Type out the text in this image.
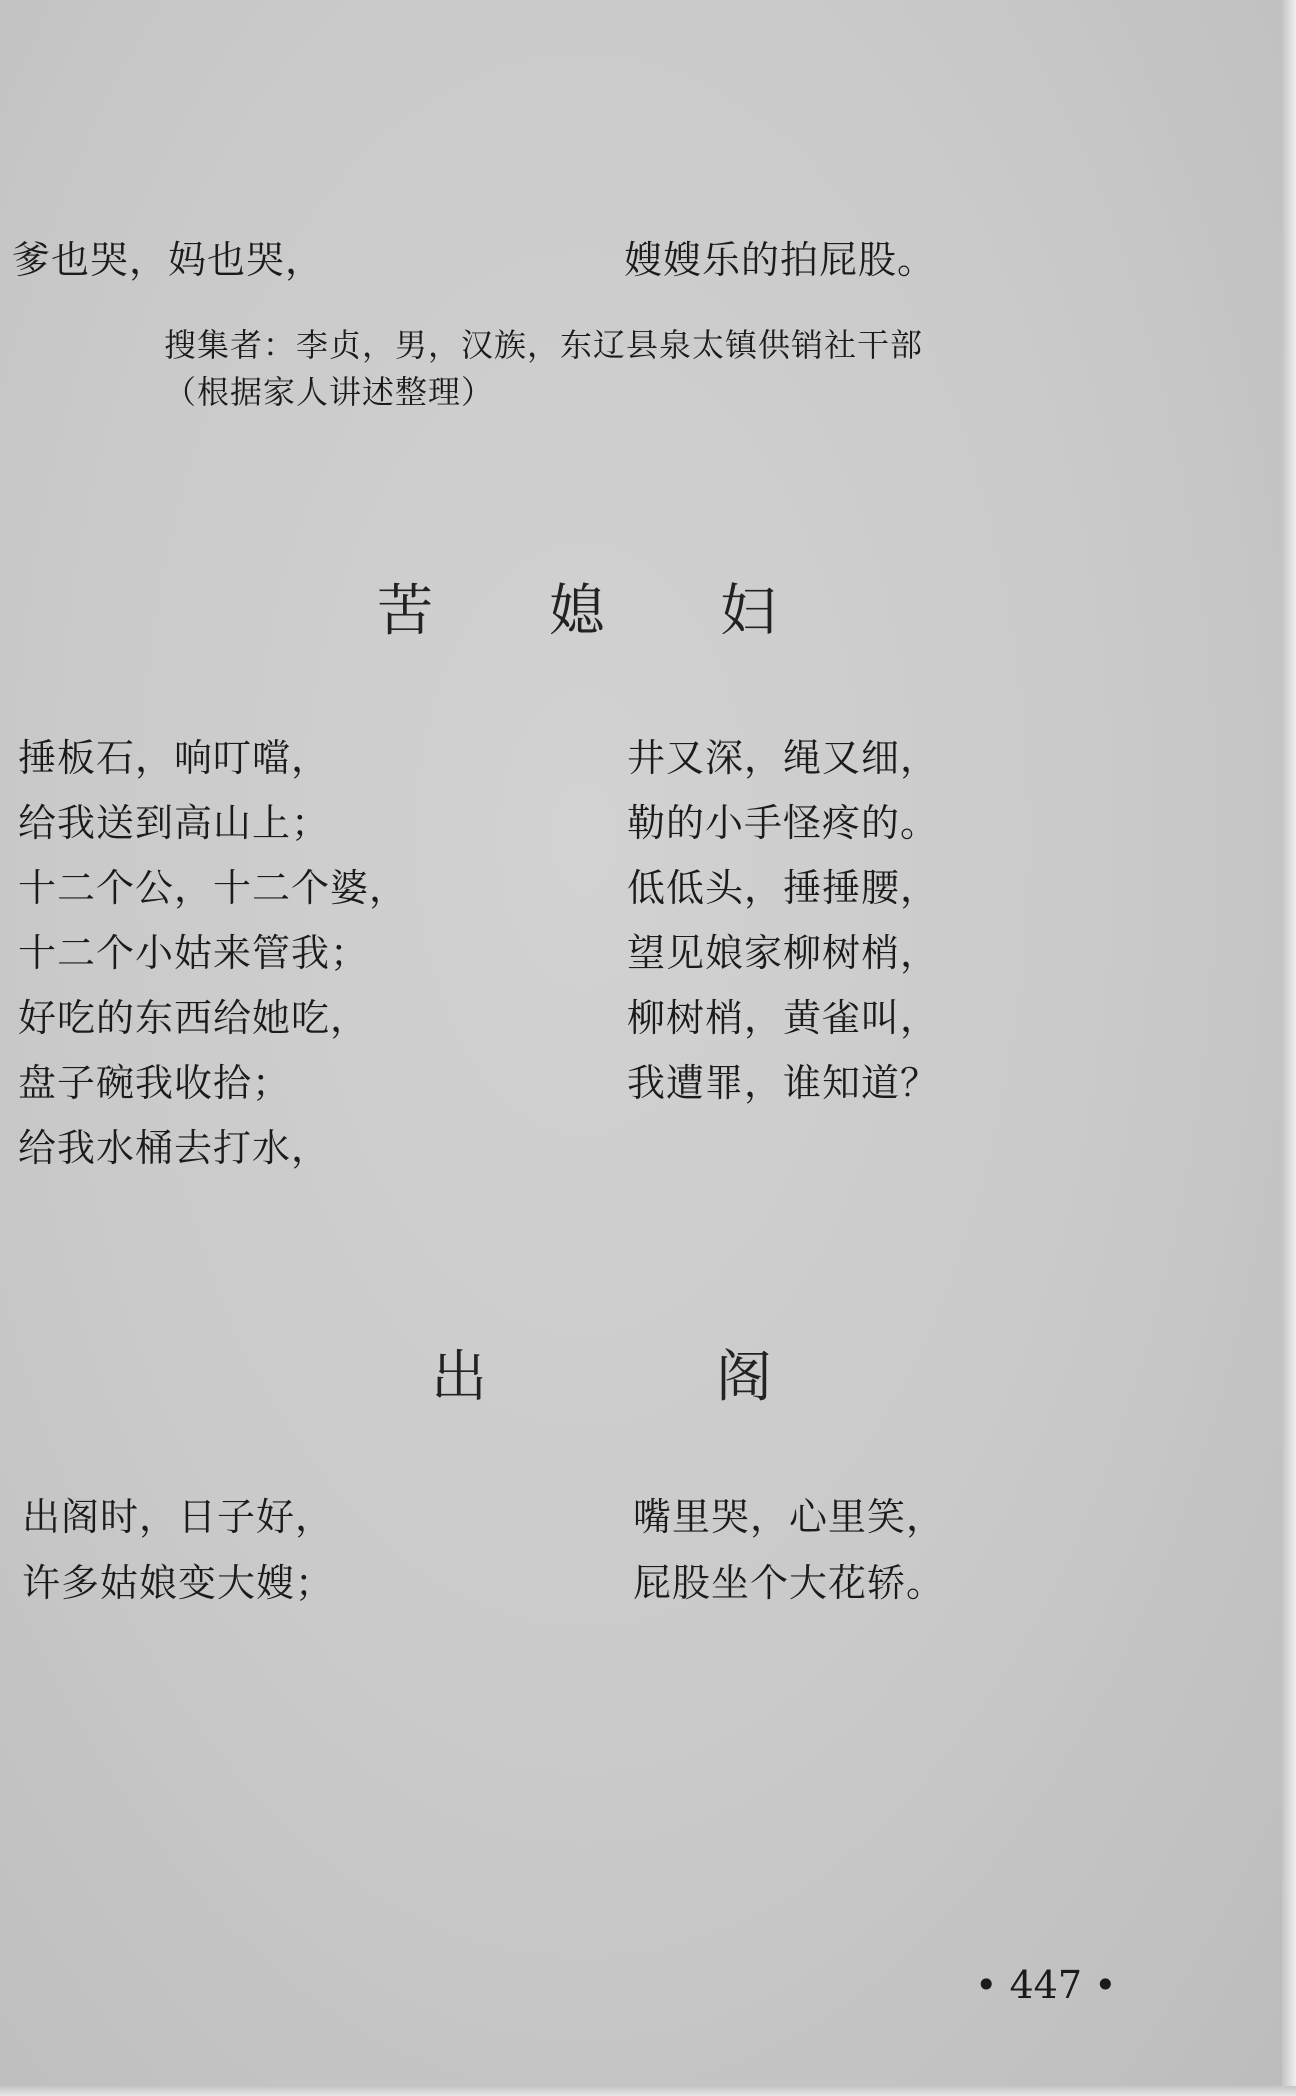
爹也哭，妈也哭，	嫂嫂乐的拍屁股。
搜集者：李贞，男，汉族，东辽县泉太镇供销社干部
（根据家人讲述整理）
苦 媳 妇
捶板石，响叮噹，
给我送到高山上；
十二个公，十二个婆，
十二个小姑来管我；
好吃的东西给她吃，
盘子碗我收拾；
给我水桶去打水，
井又深，绳又细，
勒的小手怪疼的。
低低头，捶捶腰，
望见娘家柳树梢，
柳树梢，黄雀叫，
我遭罪，谁知道？
出	阁
出阁时，日子好，
许多姑娘变大嫂；
嘴里哭，心里笑，
屁股坐个大花轿。
• 447 •
